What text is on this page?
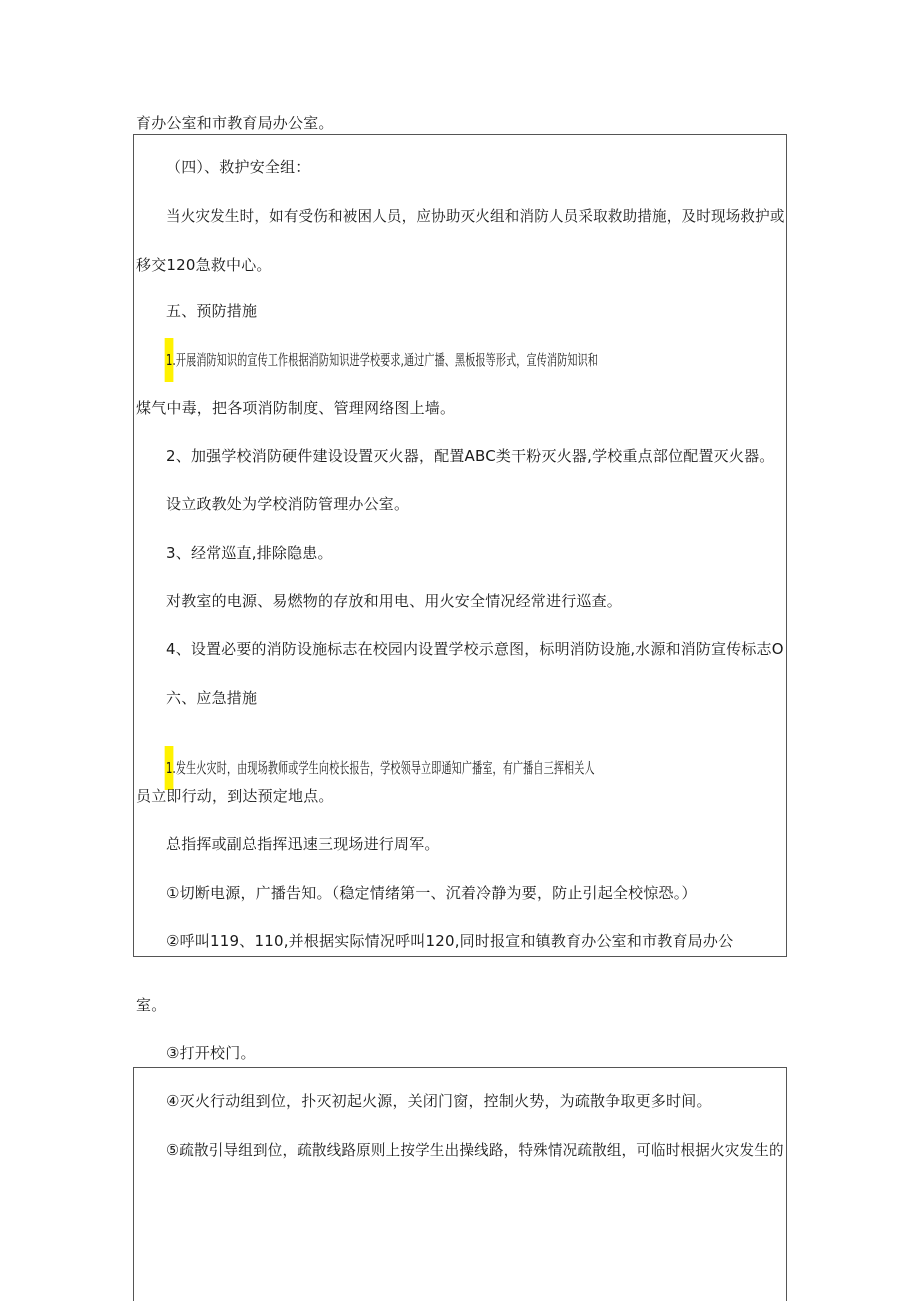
育办公室和市教育局办公室。
（四）、救护安全组：
当火灾发生时，如有受伤和被困人员，应协助灭火组和消防人员采取救助措施，及时现场救护或
移交120急救中心。
五、预防措施
1.开展消防知识的宣传工作根据消防知识进学校要求,通过广播、黑板报等形式，宣传消防知识和
煤气中毒，把各项消防制度、管理网络图上墙。
2、加强学校消防硬件建设设置灭火器，配置ABC类干粉灭火器,学校重点部位配置灭火器。
设立政教处为学校消防管理办公室。
3、经常巡直,排除隐患。
对教室的电源、易燃物的存放和用电、用火安全情况经常进行巡查。
4、设置必要的消防设施标志在校园内设置学校示意图，标明消防设施,水源和消防宣传标志O
六、应急措施
1.发生火灾时，由现场教师或学生向校长报告，学校领导立即通知广播室，有广播自三挥相关人
员立即行动，到达预定地点。
总指挥或副总指挥迅速三现场进行周军。
①切断电源，广播告知。（稳定情绪第一、沉着冷静为要，防止引起全校惊恐。）
②呼叫119、110,并根据实际情况呼叫120,同时报宣和镇教育办公室和市教育局办公
室。
③打开校门。
④灭火行动组到位，扑灭初起火源，关闭门窗，控制火势，为疏散争取更多时间。
⑤疏散引导组到位，疏散线路原则上按学生出操线路，特殊情况疏散组，可临时根据火灾发生的
